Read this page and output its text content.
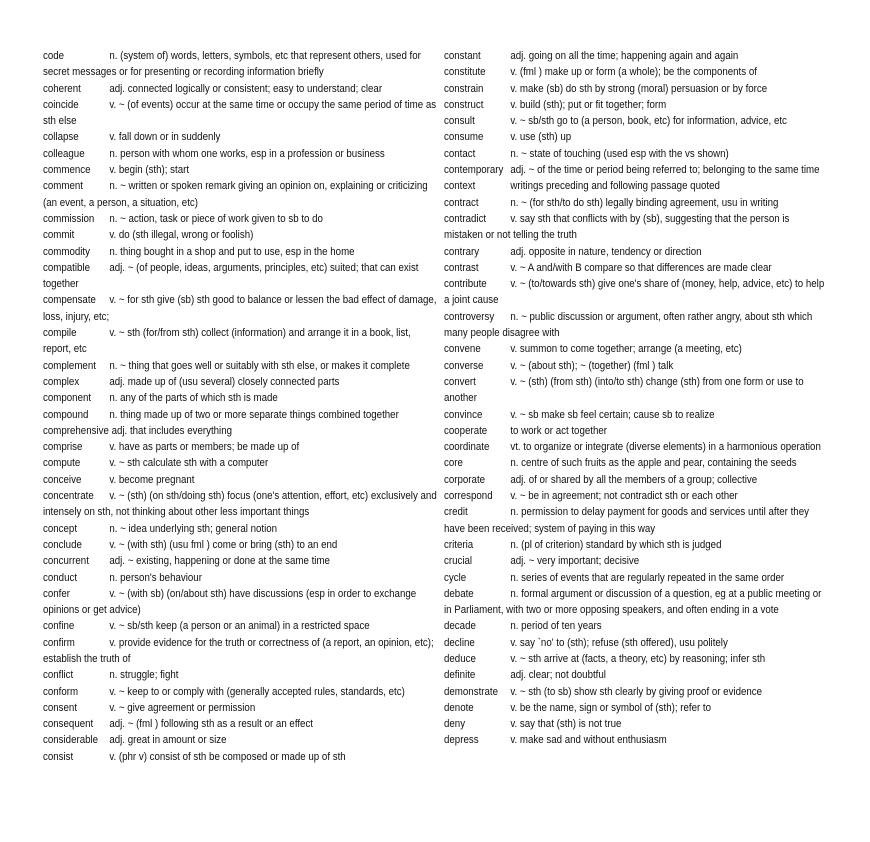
code	n. (system of) words, letters, symbols, etc that represent others, used for secret messages or for presenting or recording information briefly

coherent adj. connected logically or consistent; easy to understand; clear

coincide v. ~ (of events) occur at the same time or occupy the same period of time as sth else

collapse v. fall down or in suddenly

colleague n. person with whom one works, esp in a profession or business

commence v. begin (sth); start

comment n. ~ written or spoken remark giving an opinion on, explaining or criticizing (an event, a person, a situation, etc)

commission n. ~ action, task or piece of work given to sb to do

commit	v. do (sth illegal, wrong or foolish)

commodity n. thing bought in a shop and put to use, esp in the home

compatible adj. ~ (of people, ideas, arguments, principles, etc) suited; that can exist together

compensate v. ~ for sth give (sb) sth good to balance or lessen the bad effect of damage, loss, injury, etc;

compile	v. ~ sth (for/from sth) collect (information) and arrange it in a book, list, report, etc

complement n. ~ thing that goes well or suitably with sth else, or makes it complete

complex adj. made up of (usu several) closely connected parts

component n. any of the parts of which sth is made

compound n. thing made up of two or more separate things combined together

comprehensive adj. that includes everything

comprise v. have as parts or members; be made up of

compute v. ~ sth calculate sth with a computer

conceive v. become pregnant

concentrate v. ~ (sth) (on sth/doing sth) focus (one's attention, effort, etc) exclusively and intensely on sth, not thinking about other less important things

concept	n. ~ idea underlying sth; general notion

conclude v. ~ (with sth) (usu fml ) come or bring (sth) to an end

concurrent adj. ~ existing, happening or done at the same time

conduct	n. person's behaviour

confer	v. ~ (with sb) (on/about sth) have discussions (esp in order to exchange opinions or get advice)

confine	v. ~ sb/sth keep (a person or an animal) in a restricted space

confirm	v. provide evidence for the truth or correctness of (a report, an opinion, etc); establish the truth of

conflict	n. struggle; fight

conform	v. ~ keep to or comply with (generally accepted rules, standards, etc)

consent	v. ~ give agreement or permission

consequent adj. ~ (fml ) following sth as a result or an effect

considerable adj. great in amount or size

consist	v. (phr v) consist of sth be composed or made up of sth

constant adj. going on all the time; happening again and again

constitute v. (fml ) make up or form (a whole); be the components of

constrain v. make (sb) do sth by strong (moral) persuasion or by force

construct v. build (sth); put or fit together; form

consult	v. ~ sb/sth go to (a person, book, etc) for information, advice, etc

consume v. use (sth) up

contact	n. ~ state of touching (used esp with the vs shown)

contemporary adj. ~ of the time or period being referred to; belonging to the same time

context	writings preceding and following passage quoted

contract	n. ~ (for sth/to do sth) legally binding agreement, usu in writing

contradict v. say sth that conflicts with by (sb), suggesting that the person is mistaken or not telling the truth

contrary	adj. opposite in nature, tendency or direction

contrast	v. ~ A and/with B compare so that differences are made clear

contribute v. ~ (to/towards sth) give one's share of (money, help, advice, etc) to help a joint cause

controversy n. ~ public discussion or argument, often rather angry, about sth which many people disagree with

convene v. summon to come together; arrange (a meeting, etc)

converse v. ~ (about sth); ~ (together) (fml ) talk

convert	v. ~ (sth) (from sth) (into/to sth) change (sth) from one form or use to another

convince v. ~ sb make sb feel certain; cause sb to realize

cooperate to work or act together

coordinate vt. to organize or integrate (diverse elements) in a harmonious operation

core	n. centre of such fruits as the apple and pear, containing the seeds

corporate adj. of or shared by all the members of a group; collective

correspond v. ~ be in agreement; not contradict sth or each other

credit	n. permission to delay payment for goods and services until after they have been received; system of paying in this way

criteria	n. (pl of criterion) standard by which sth is judged

crucial	adj. ~ very important; decisive

cycle	n. series of events that are regularly repeated in the same order

debate	n. formal argument or discussion of a question, eg at a public meeting or in Parliament, with two or more opposing speakers, and often ending in a vote

decade	n. period of ten years

decline	v. say `no' to (sth); refuse (sth offered), usu politely

deduce	v. ~ sth arrive at (facts, a theory, etc) by reasoning; infer sth

definite	adj. clear; not doubtful

demonstrate v. ~ sth (to sb) show sth clearly by giving proof or evidence

denote	v. be the name, sign or symbol of (sth); refer to

deny	v. say that (sth) is not true

depress	v. make sad and without enthusiasm
